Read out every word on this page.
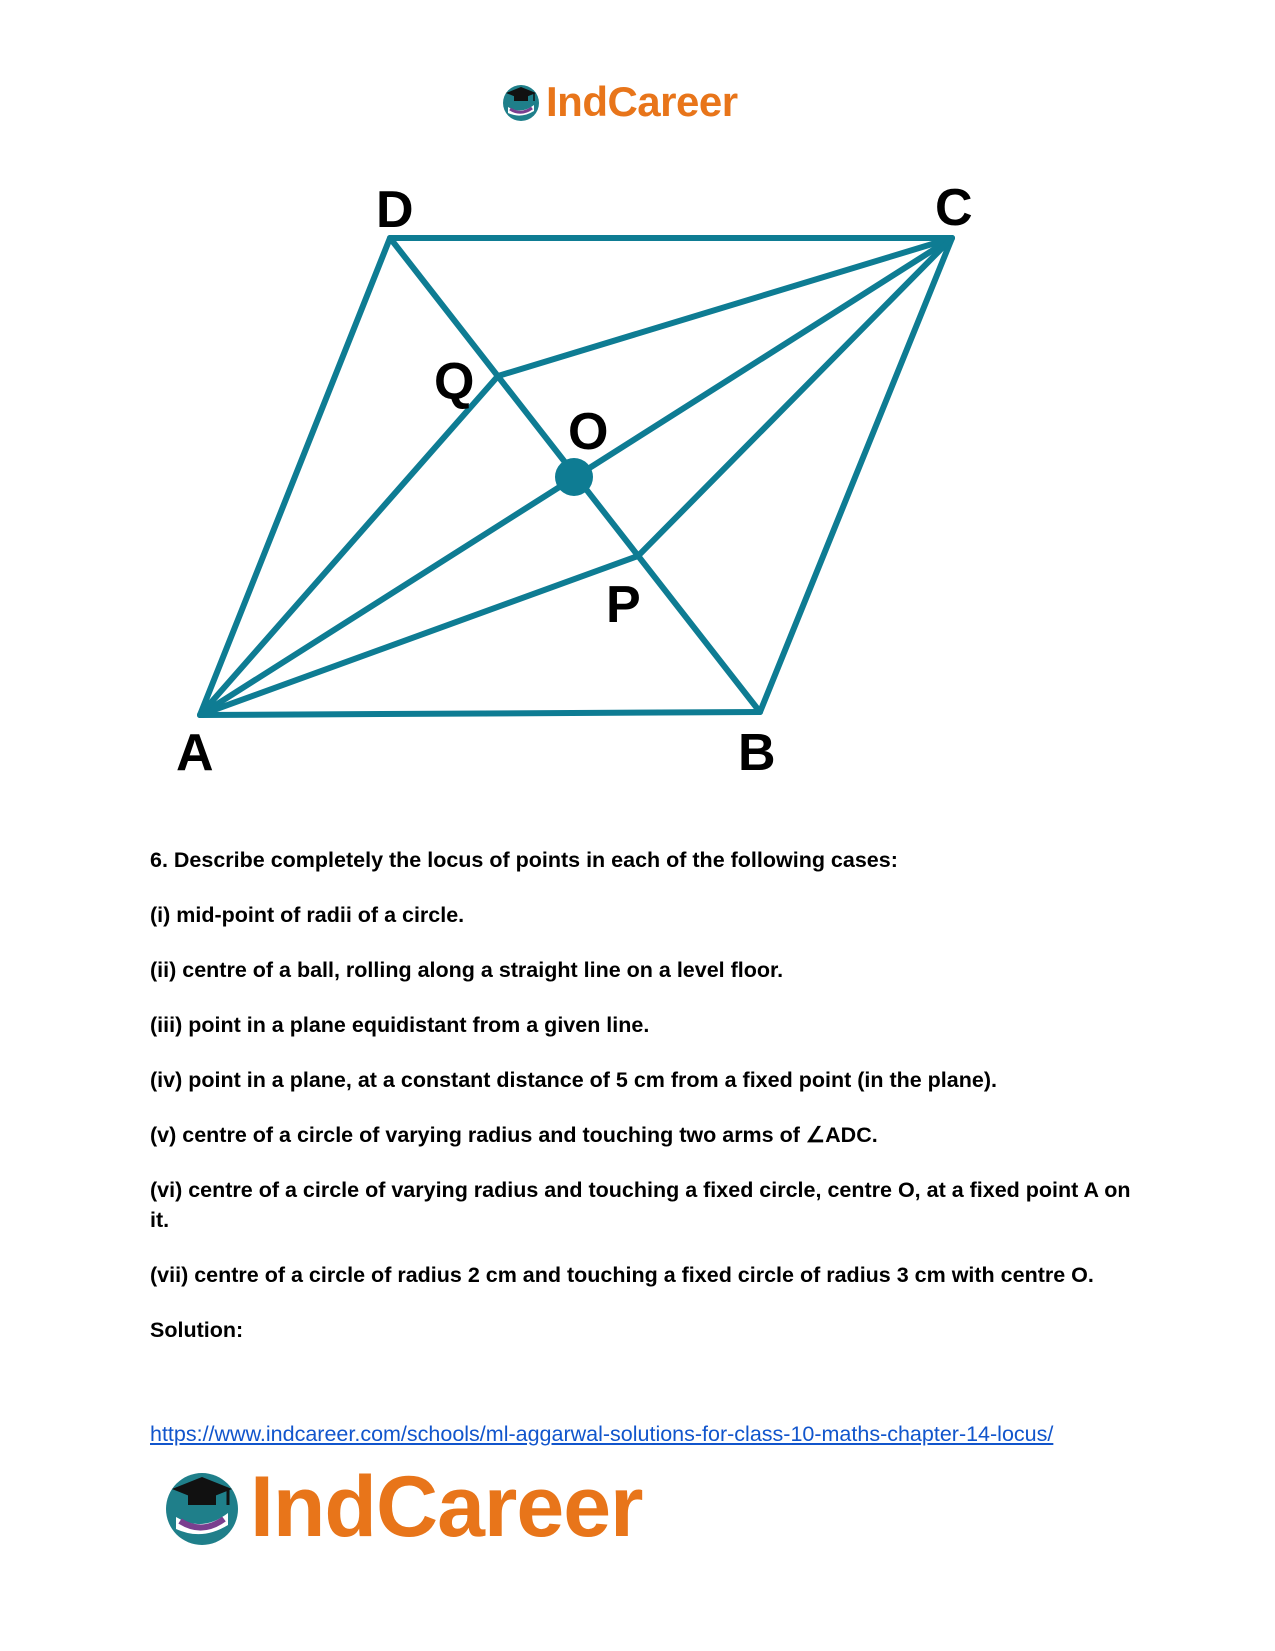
IndCareer
A	B
C
D
O
P
Q

6. Describe completely the locus of points in each of the following cases:

(i) mid-point of radii of a circle.

(ii) centre of a ball, rolling along a straight line on a level floor.

(iii) point in a plane equidistant from a given line.

(iv) point in a plane, at a constant distance of 5 cm from a fixed point (in the plane).

(v) centre of a circle of varying radius and touching two arms of ∠ADC.

(vi) centre of a circle of varying radius and touching a fixed circle, centre O, at a fixed point A on it.

(vii) centre of a circle of radius 2 cm and touching a fixed circle of radius 3 cm with centre O.

Solution:

https://www.indcareer.com/schools/ml-aggarwal-solutions-for-class-10-maths-chapter-14-locus/
IndCareer
